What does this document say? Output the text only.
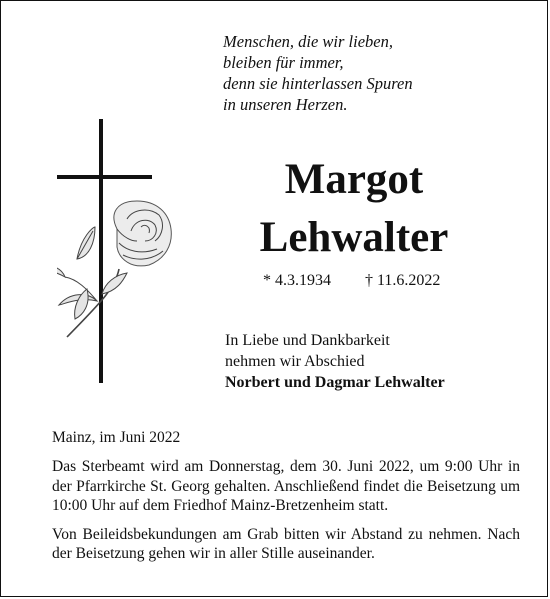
Menschen, die wir lieben,
bleiben für immer,
denn sie hinterlassen Spuren
in unseren Herzen.
Margot
Lehwalter
* 4.3.1934 † 11.6.2022
In Liebe und Dankbarkeit
nehmen wir Abschied
Norbert und Dagmar Lehwalter
Mainz, im Juni 2022

Das Sterbeamt wird am Donnerstag, dem 30. Juni 2022, um 9:00 Uhr in der Pfarrkirche St. Georg gehalten. Anschließend findet die Beisetzung um 10:00 Uhr auf dem Friedhof Mainz-Bretzenheim statt.

Von Beileidsbekundungen am Grab bitten wir Abstand zu nehmen. Nach der Beisetzung gehen wir in aller Stille auseinander.
